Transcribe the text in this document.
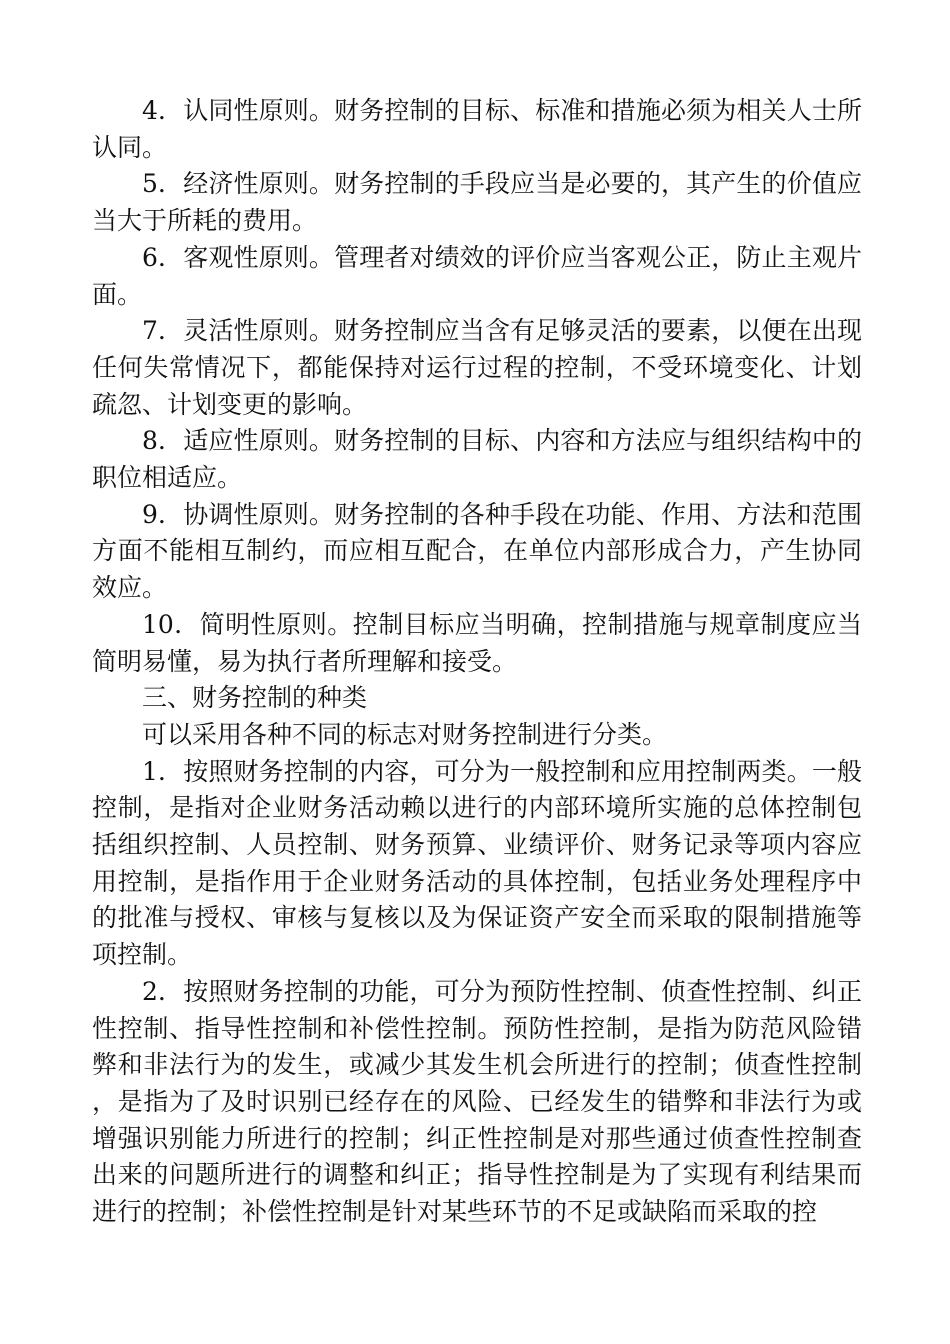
4．认同性原则。财务控制的目标、标准和措施必须为相关人士所认同。

5．经济性原则。财务控制的手段应当是必要的，其产生的价值应当大于所耗的费用。

6．客观性原则。管理者对绩效的评价应当客观公正，防止主观片面。

7．灵活性原则。财务控制应当含有足够灵活的要素，以便在出现任何失常情况下，都能保持对运行过程的控制，不受环境变化、计划疏忽、计划变更的影响。

8．适应性原则。财务控制的目标、内容和方法应与组织结构中的职位相适应。

9．协调性原则。财务控制的各种手段在功能、作用、方法和范围方面不能相互制约，而应相互配合，在单位内部形成合力，产生协同效应。

10．简明性原则。控制目标应当明确，控制措施与规章制度应当简明易懂，易为执行者所理解和接受。

三、财务控制的种类

可以采用各种不同的标志对财务控制进行分类。

1．按照财务控制的内容，可分为一般控制和应用控制两类。一般控制，是指对企业财务活动赖以进行的内部环境所实施的总体控制包括组织控制、人员控制、财务预算、业绩评价、财务记录等项内容应用控制，是指作用于企业财务活动的具体控制，包括业务处理程序中的批准与授权、审核与复核以及为保证资产安全而采取的限制措施等项控制。

2．按照财务控制的功能，可分为预防性控制、侦查性控制、纠正性控制、指导性控制和补偿性控制。预防性控制，是指为防范风险错弊和非法行为的发生，或减少其发生机会所进行的控制；侦查性控制，是指为了及时识别已经存在的风险、已经发生的错弊和非法行为或增强识别能力所进行的控制；纠正性控制是对那些通过侦查性控制查出来的问题所进行的调整和纠正；指导性控制是为了实现有利结果而进行的控制；补偿性控制是针对某些环节的不足或缺陷而采取的控
